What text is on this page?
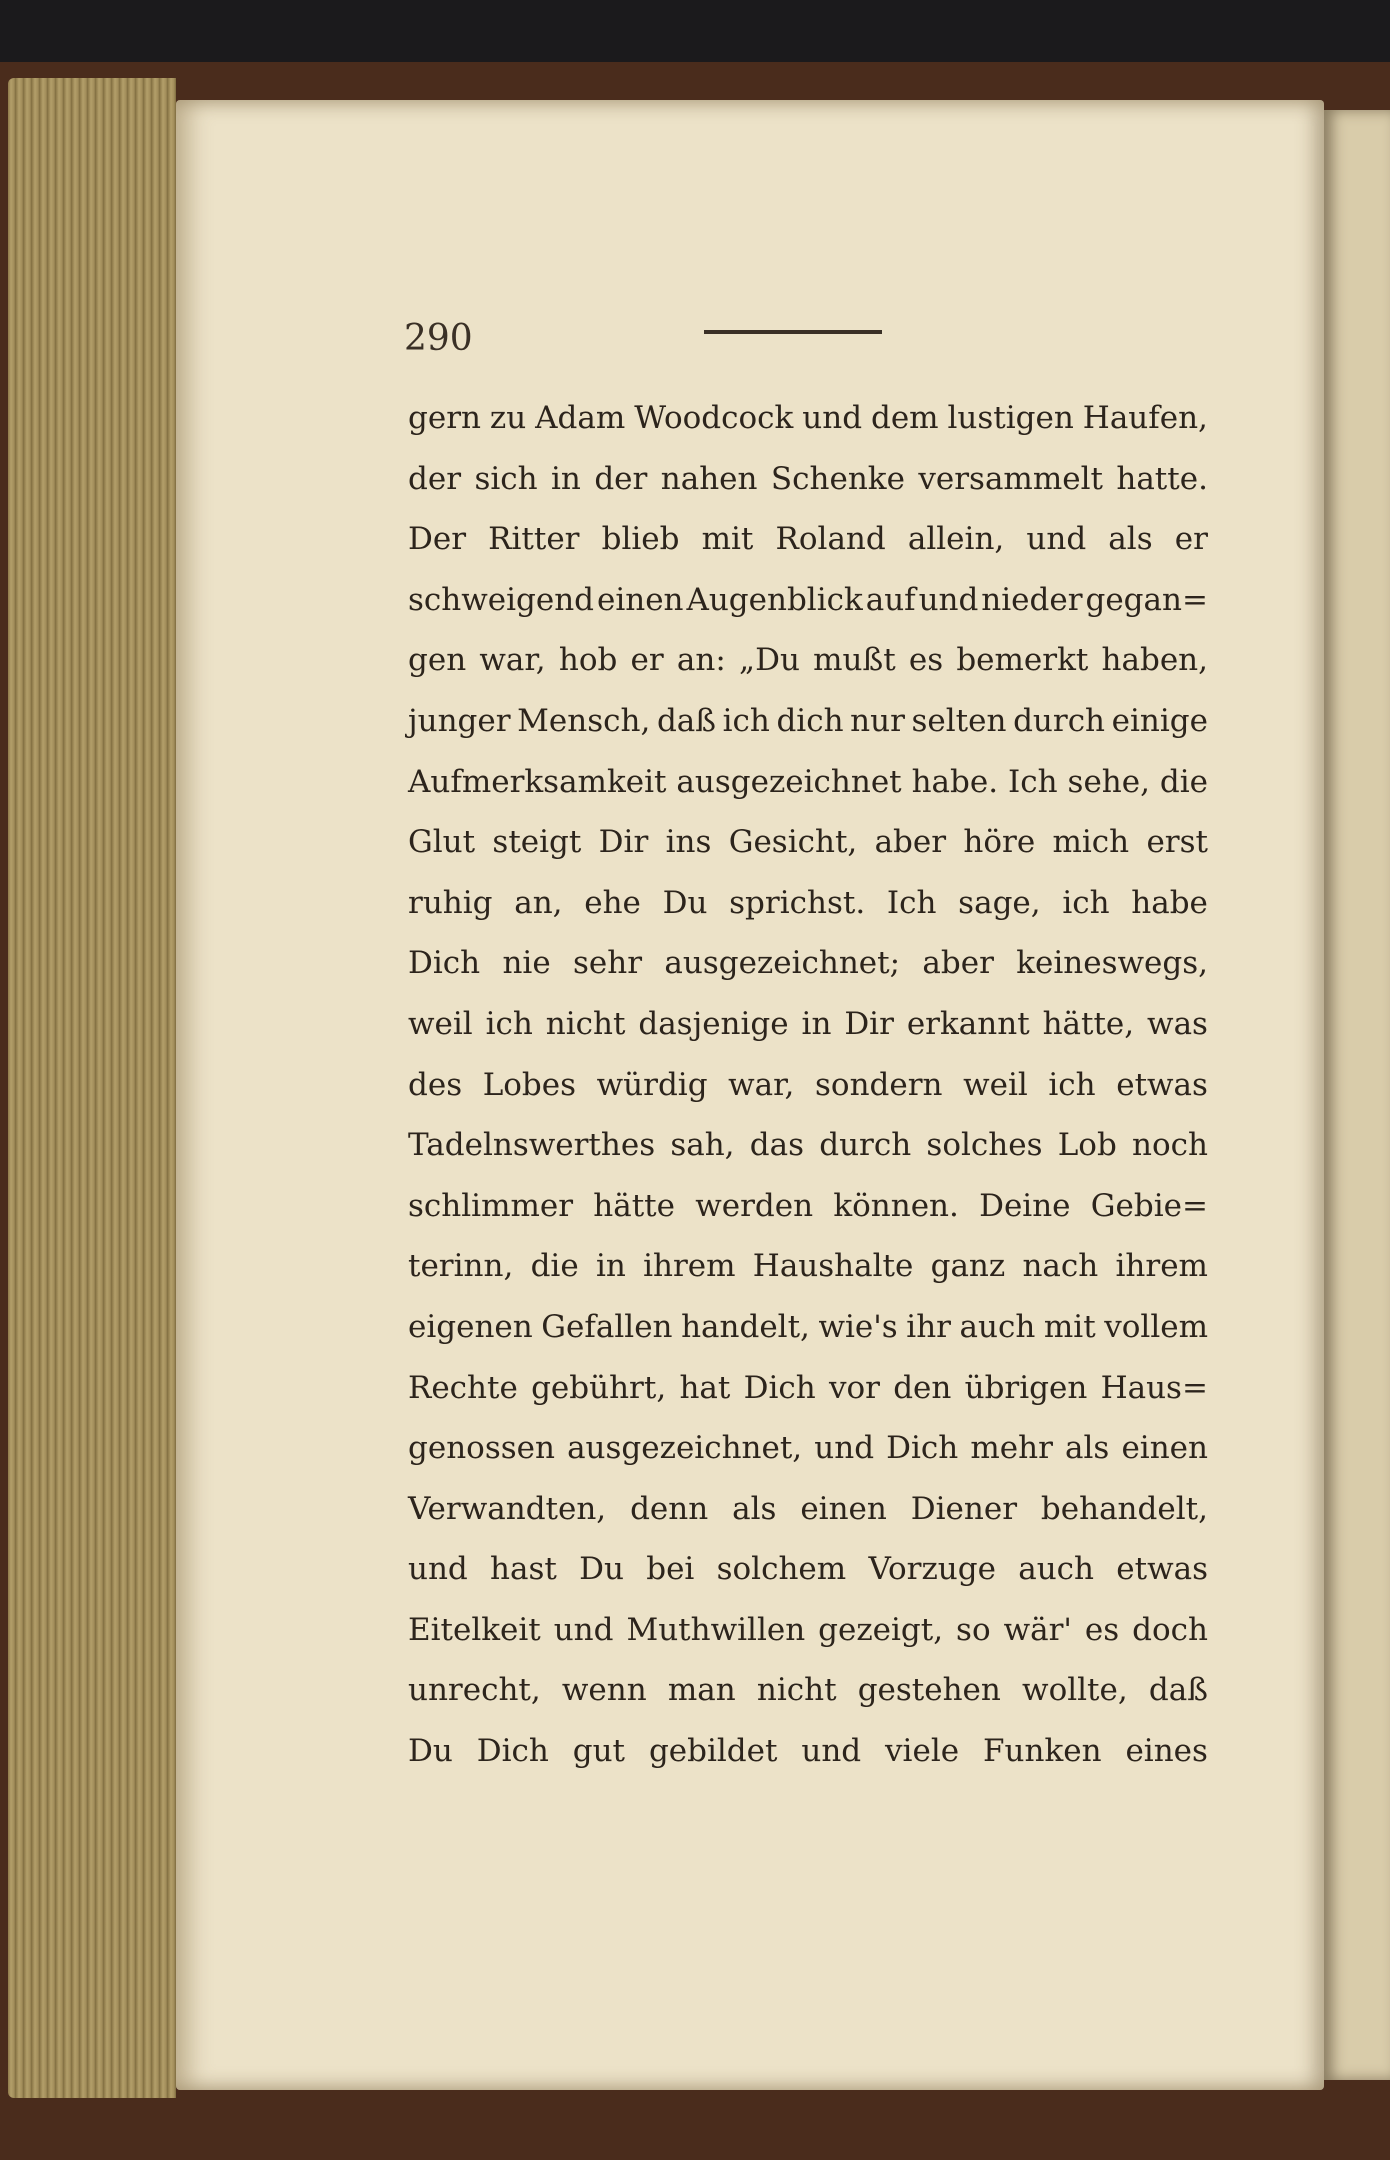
290
gern zu Adam Woodcock und dem lustigen Haufen,
der sich in der nahen Schenke versammelt hatte.
Der Ritter blieb mit Roland allein, und als er
schweigend einen Augenblick auf und nieder gegan=
gen war, hob er an: „Du mußt es bemerkt haben,
junger Mensch, daß ich dich nur selten durch einige
Aufmerksamkeit ausgezeichnet habe. Ich sehe, die
Glut steigt Dir ins Gesicht, aber höre mich erst
ruhig an, ehe Du sprichst. Ich sage, ich habe
Dich nie sehr ausgezeichnet; aber keineswegs,
weil ich nicht dasjenige in Dir erkannt hätte, was
des Lobes würdig war, sondern weil ich etwas
Tadelnswerthes sah, das durch solches Lob noch
schlimmer hätte werden können. Deine Gebie=
terinn, die in ihrem Haushalte ganz nach ihrem
eigenen Gefallen handelt, wie's ihr auch mit vollem
Rechte gebührt, hat Dich vor den übrigen Haus=
genossen ausgezeichnet, und Dich mehr als einen
Verwandten, denn als einen Diener behandelt,
und hast Du bei solchem Vorzuge auch etwas
Eitelkeit und Muthwillen gezeigt, so wär' es doch
unrecht, wenn man nicht gestehen wollte, daß
Du Dich gut gebildet und viele Funken eines
